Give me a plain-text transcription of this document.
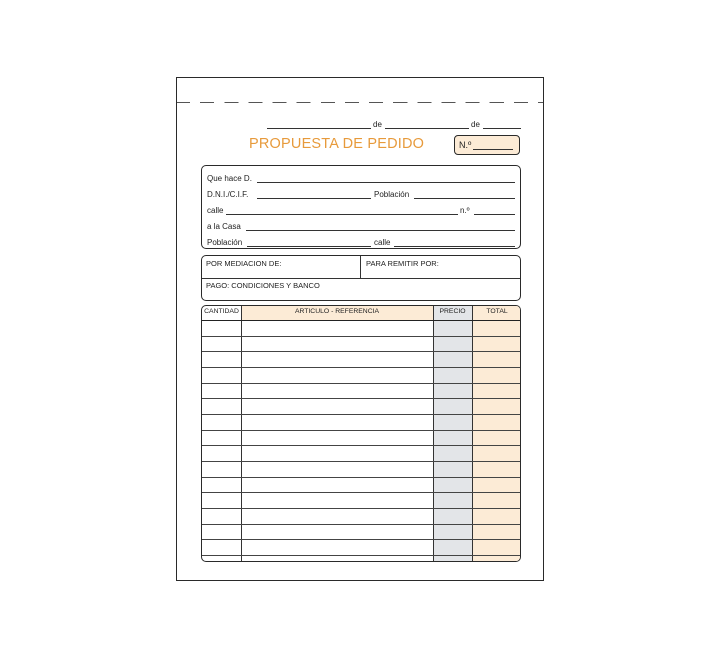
de	de
PROPUESTA DE PEDIDO	N.º
Que hace D.
D.N.I./C.I.F.	Población
calle	n.º
a la Casa
Población	calle
POR MEDIACION DE:	PARA REMITIR POR:
PAGO: CONDICIONES Y BANCO
CANTIDAD	ARTICULO - REFERENCIA	PRECIO	TOTAL
